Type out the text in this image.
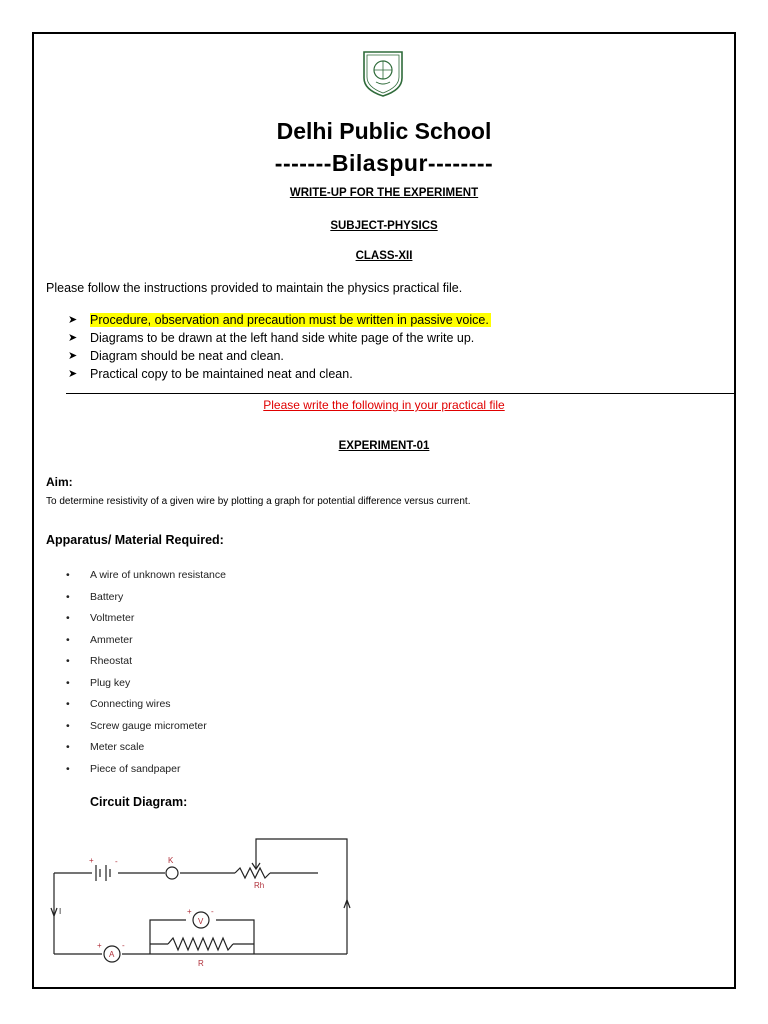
Delhi Public School
-------Bilaspur--------
WRITE-UP FOR THE EXPERIMENT
SUBJECT-PHYSICS
CLASS-XII
Please follow the instructions provided to maintain the physics practical file.
➤ Procedure, observation and precaution must be written in passive voice.
➤ Diagrams to be drawn at the left hand side white page of the write up.
➤ Diagram should be neat and clean.
➤ Practical copy to be maintained neat and clean.
Please write the following in your practical file
EXPERIMENT-01
Aim:
To determine resistivity of a given wire by plotting a graph for potential difference versus current.
Apparatus/ Material Required:
• A wire of unknown resistance
• Battery
• Voltmeter
• Ammeter
• Rheostat
• Plug key
• Connecting wires
• Screw gauge micrometer
• Meter scale
• Piece of sandpaper
Circuit Diagram:
K
Rh
V
A
R
+	-
+ -
+	-
I
